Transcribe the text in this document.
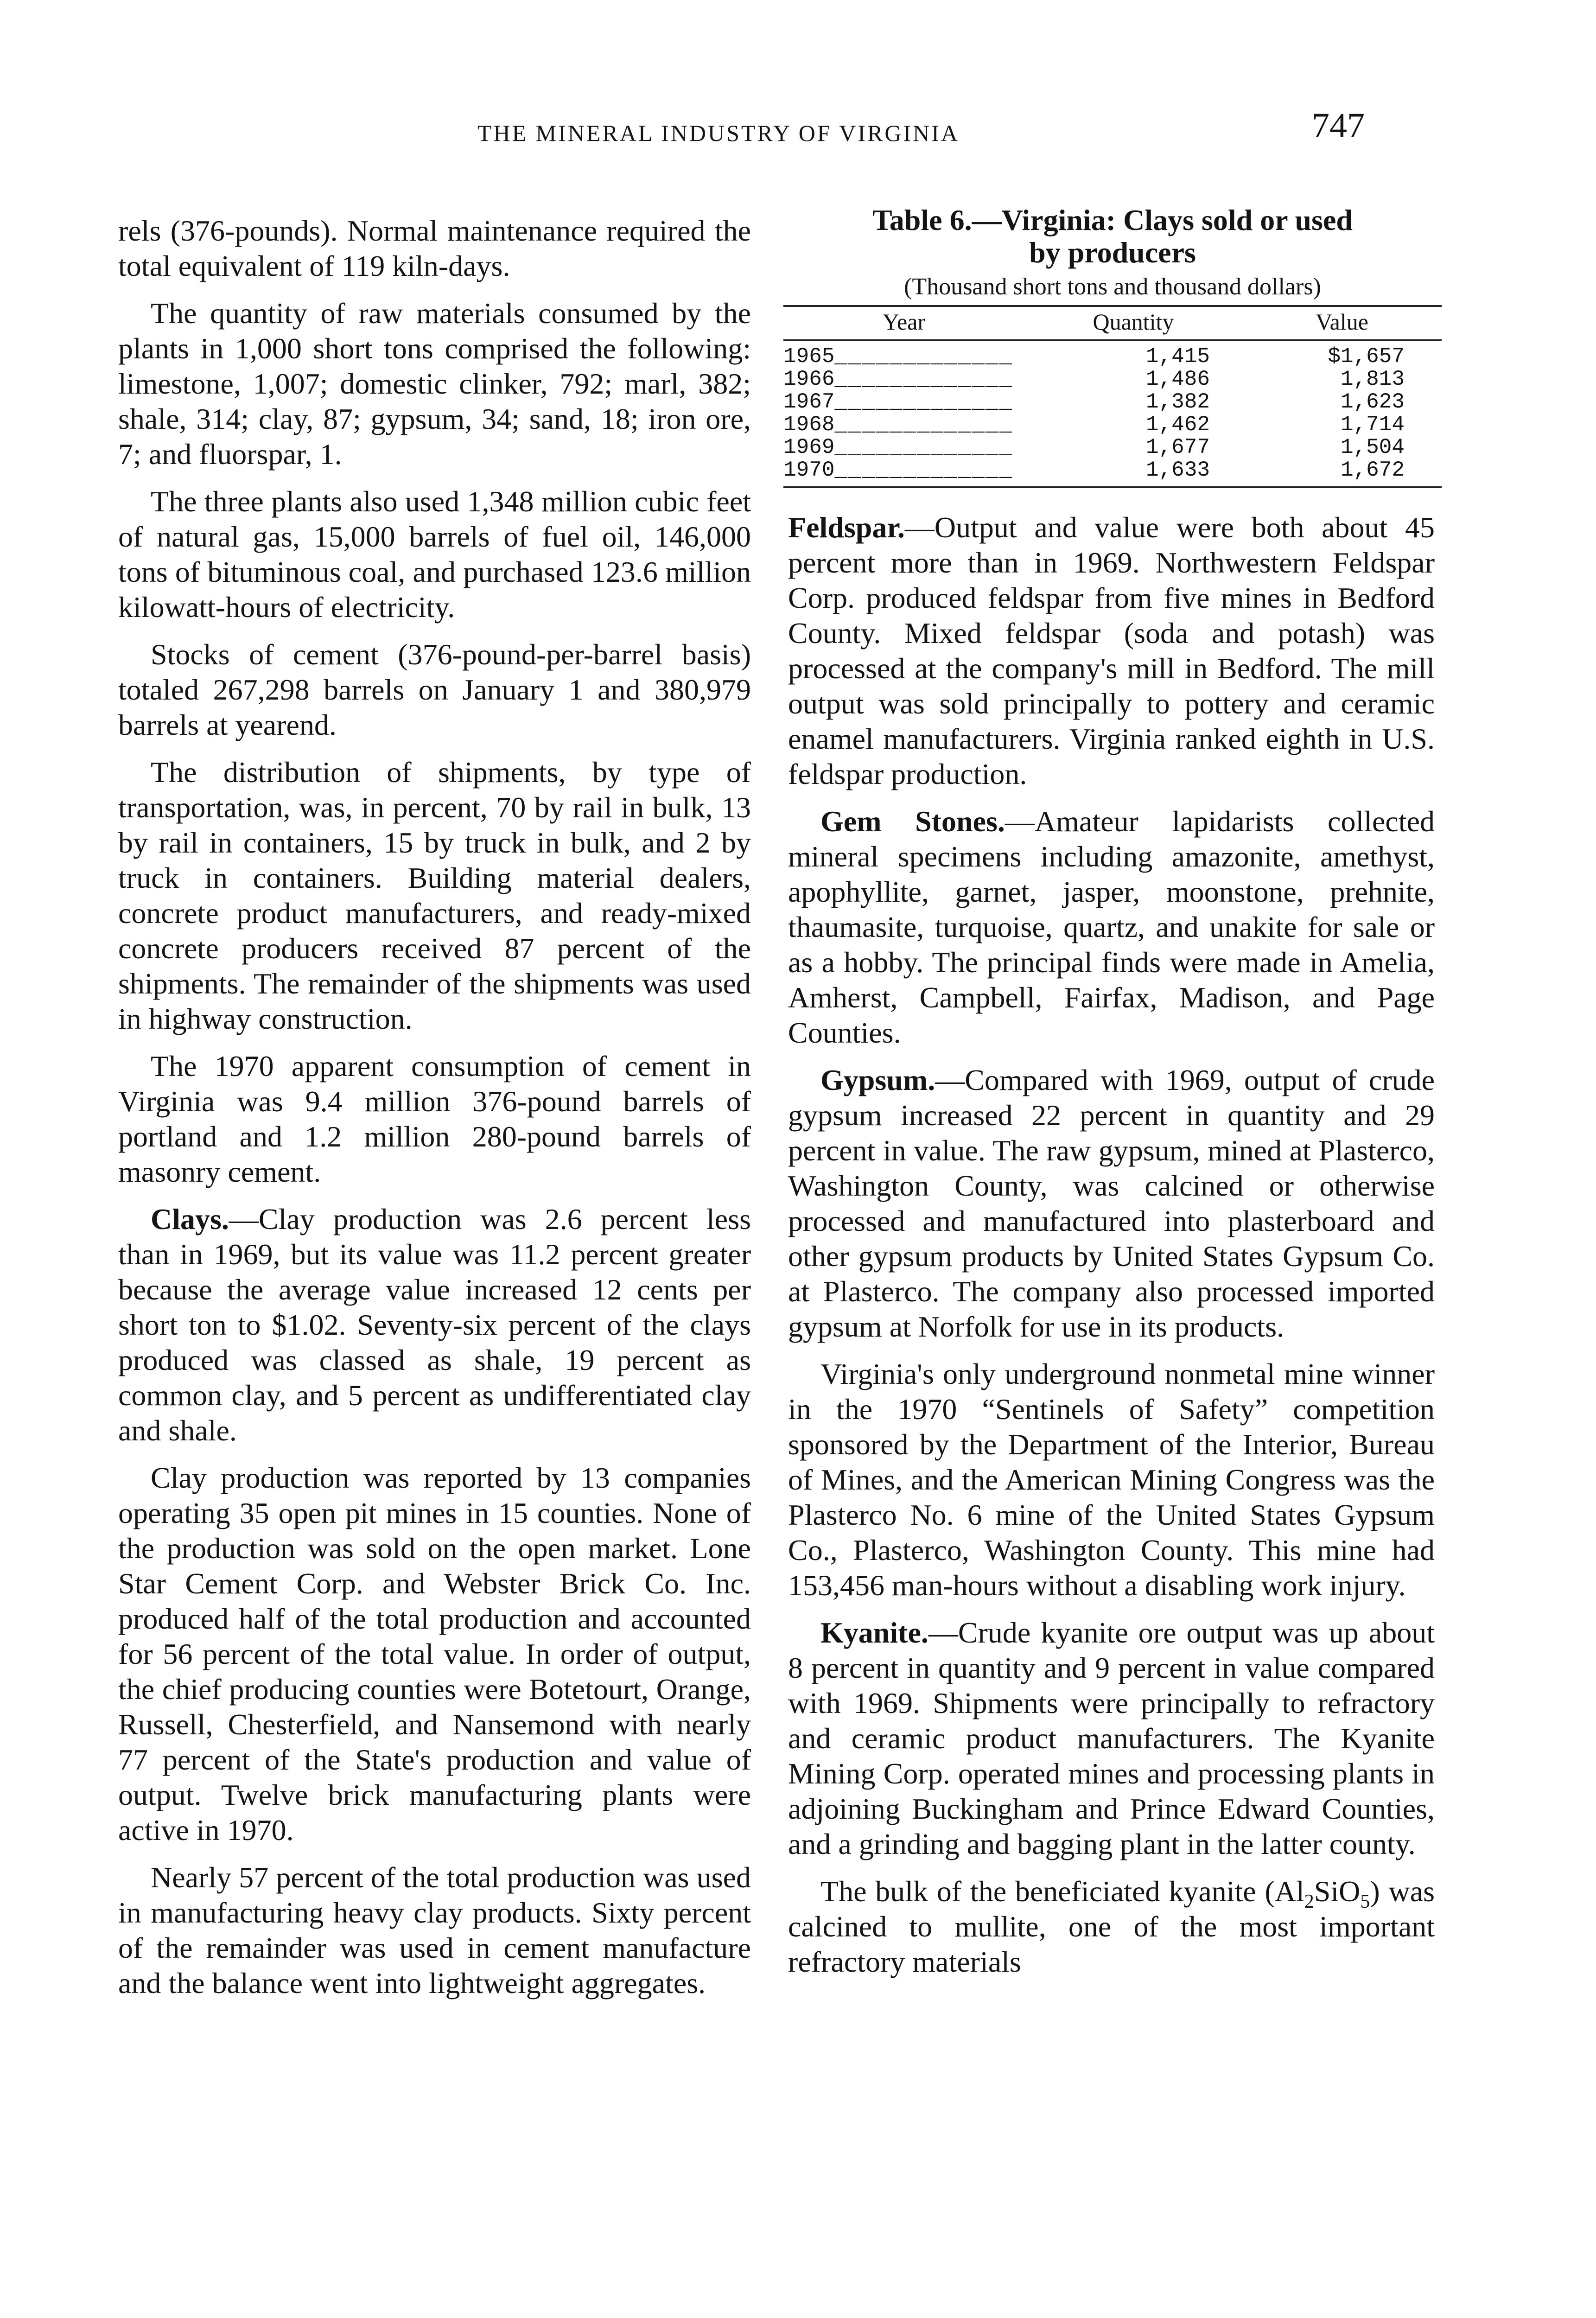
THE MINERAL INDUSTRY OF VIRGINIA	747

rels (376-pounds). Normal maintenance required the total equivalent of 119 kiln-days.

The quantity of raw materials consumed by the plants in 1,000 short tons comprised the following: limestone, 1,007; domestic clinker, 792; marl, 382; shale, 314; clay, 87; gypsum, 34; sand, 18; iron ore, 7; and fluorspar, 1.

The three plants also used 1,348 million cubic feet of natural gas, 15,000 barrels of fuel oil, 146,000 tons of bituminous coal, and purchased 123.6 million kilowatt-hours of electricity.

Stocks of cement (376-pound-per-barrel basis) totaled 267,298 barrels on January 1 and 380,979 barrels at yearend.

The distribution of shipments, by type of transportation, was, in percent, 70 by rail in bulk, 13 by rail in containers, 15 by truck in bulk, and 2 by truck in containers. Building material dealers, concrete product manufacturers, and ready-mixed concrete producers received 87 percent of the shipments. The remainder of the shipments was used in highway construction.

The 1970 apparent consumption of cement in Virginia was 9.4 million 376-pound barrels of portland and 1.2 million 280-pound barrels of masonry cement.

Clays.—Clay production was 2.6 percent less than in 1969, but its value was 11.2 percent greater because the average value increased 12 cents per short ton to $1.02. Seventy-six percent of the clays produced was classed as shale, 19 percent as common clay, and 5 percent as undifferentiated clay and shale.

Clay production was reported by 13 companies operating 35 open pit mines in 15 counties. None of the production was sold on the open market. Lone Star Cement Corp. and Webster Brick Co. Inc. produced half of the total production and accounted for 56 percent of the total value. In order of output, the chief producing counties were Botetourt, Orange, Russell, Chesterfield, and Nansemond with nearly 77 percent of the State's production and value of output. Twelve brick manufacturing plants were active in 1970.

Nearly 57 percent of the total production was used in manufacturing heavy clay products. Sixty percent of the remainder was used in cement manufacture and the balance went into lightweight aggregates.

Table 6.—Virginia: Clays sold or used
by producers
(Thousand short tons and thousand dollars)
Year	Quantity	Value
1965_____________	1,415	$1,657
1966_____________	1,486	1,813
1967_____________	1,382	1,623
1968_____________	1,462	1,714
1969_____________	1,677	1,504
1970_____________	1,633	1,672

Feldspar.—Output and value were both about 45 percent more than in 1969. Northwestern Feldspar Corp. produced feldspar from five mines in Bedford County. Mixed feldspar (soda and potash) was processed at the company's mill in Bedford. The mill output was sold principally to pottery and ceramic enamel manufacturers. Virginia ranked eighth in U.S. feldspar production.

Gem Stones.—Amateur lapidarists collected mineral specimens including amazonite, amethyst, apophyllite, garnet, jasper, moonstone, prehnite, thaumasite, turquoise, quartz, and unakite for sale or as a hobby. The principal finds were made in Amelia, Amherst, Campbell, Fairfax, Madison, and Page Counties.

Gypsum.—Compared with 1969, output of crude gypsum increased 22 percent in quantity and 29 percent in value. The raw gypsum, mined at Plasterco, Washington County, was calcined or otherwise processed and manufactured into plasterboard and other gypsum products by United States Gypsum Co. at Plasterco. The company also processed imported gypsum at Norfolk for use in its products.

Virginia's only underground nonmetal mine winner in the 1970 “Sentinels of Safety” competition sponsored by the Department of the Interior, Bureau of Mines, and the American Mining Congress was the Plasterco No. 6 mine of the United States Gypsum Co., Plasterco, Washington County. This mine had 153,456 man-hours without a disabling work injury.

Kyanite.—Crude kyanite ore output was up about 8 percent in quantity and 9 percent in value compared with 1969. Shipments were principally to refractory and ceramic product manufacturers. The Kyanite Mining Corp. operated mines and processing plants in adjoining Buckingham and Prince Edward Counties, and a grinding and bagging plant in the latter county.

The bulk of the beneficiated kyanite $(Al_2SiO_5)$ was calcined to mullite, one of the most important refractory materials
